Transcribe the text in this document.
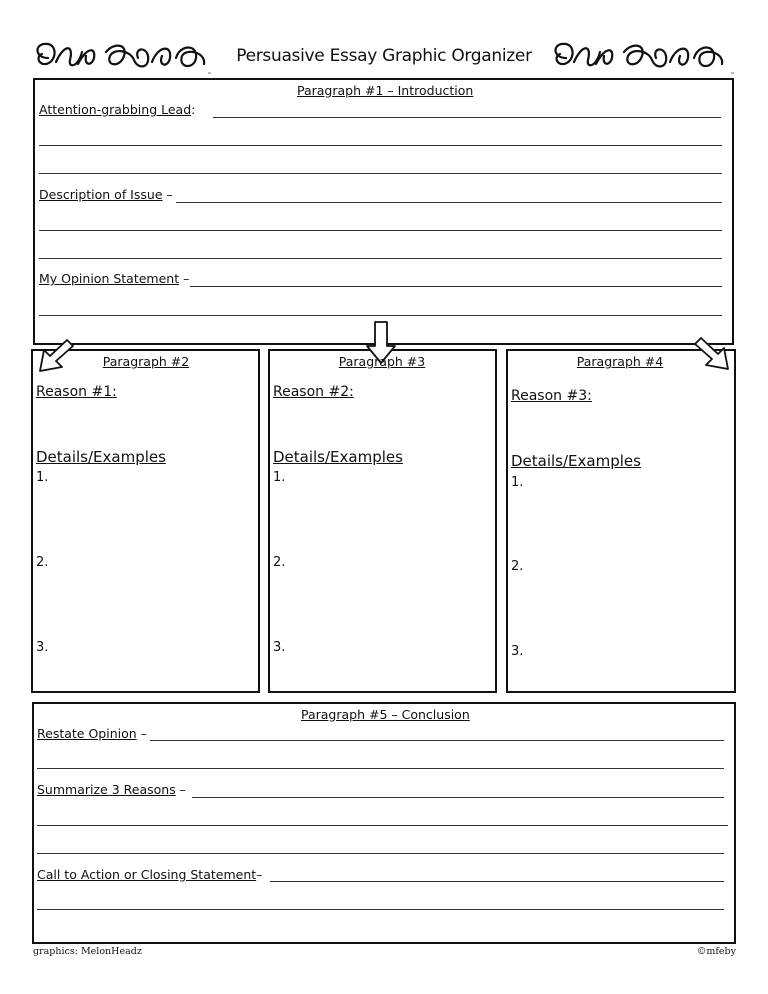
™
Persuasive Essay Graphic Organizer
™
Paragraph #1 – Introduction
Attention-grabbing Lead:
Description of Issue –
My Opinion Statement –
Paragraph #2
Reason #1:
Details/Examples
1.
2.
3.
Paragraph #3
Reason #2:
Details/Examples
1.
2.
3.
Paragraph #4
Reason #3:
Details/Examples
1.
2.
3.
Paragraph #5 – Conclusion
Restate Opinion –
Summarize 3 Reasons –
Call to Action or Closing Statement–
graphics: MelonHeadz	©mfeby
